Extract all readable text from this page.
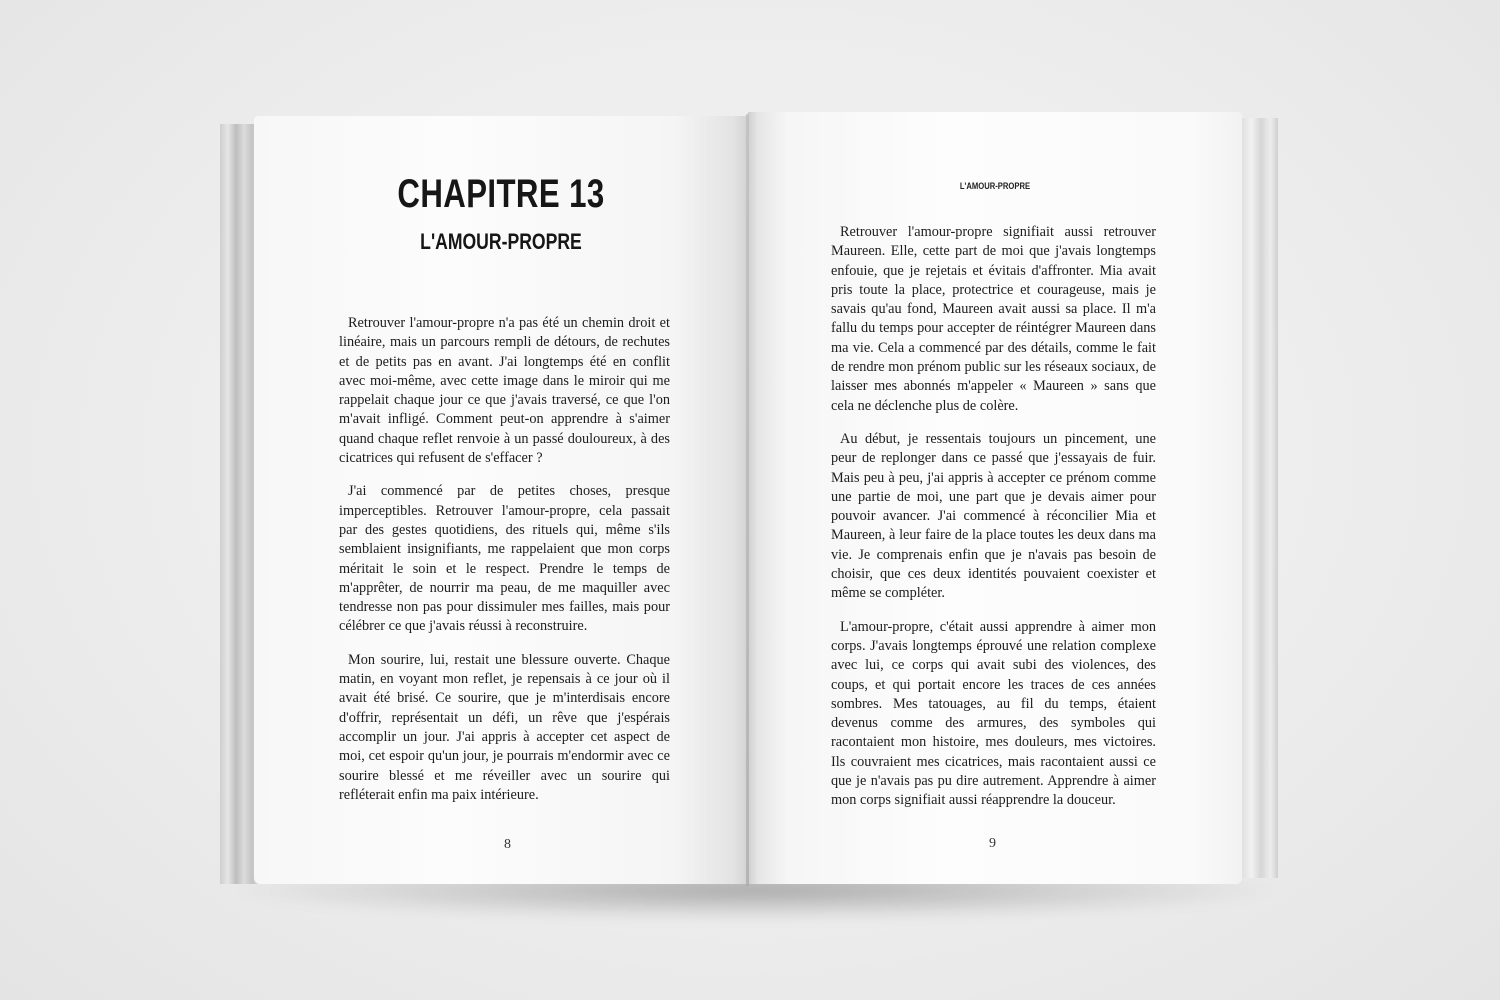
CHAPITRE 13
L'AMOUR-PROPRE

Retrouver l'amour-propre n'a pas été un chemin droit et linéaire, mais un parcours rempli de détours, de rechutes et de petits pas en avant. J'ai longtemps été en conflit avec moi-même, avec cette image dans le miroir qui me rappelait chaque jour ce que j'avais traversé, ce que l'on m'avait infligé. Comment peut-on apprendre à s'aimer quand chaque reflet renvoie à un passé douloureux, à des cicatrices qui refusent de s'effacer ?

J'ai commencé par de petites choses, presque imperceptibles. Retrouver l'amour-propre, cela passait par des gestes quotidiens, des rituels qui, même s'ils semblaient insignifiants, me rappelaient que mon corps méritait le soin et le respect. Prendre le temps de m'apprêter, de nourrir ma peau, de me maquiller avec tendresse non pas pour dissimuler mes failles, mais pour célébrer ce que j'avais réussi à reconstruire.

Mon sourire, lui, restait une blessure ouverte. Chaque matin, en voyant mon reflet, je repensais à ce jour où il avait été brisé. Ce sourire, que je m'interdisais encore d'offrir, représentait un défi, un rêve que j'espérais accomplir un jour. J'ai appris à accepter cet aspect de moi, cet espoir qu'un jour, je pourrais m'endormir avec ce sourire blessé et me réveiller avec un sourire qui refléterait enfin ma paix intérieure.

L'AMOUR-PROPRE

Retrouver l'amour-propre signifiait aussi retrouver Maureen. Elle, cette part de moi que j'avais longtemps enfouie, que je rejetais et évitais d'affronter. Mia avait pris toute la place, protectrice et courageuse, mais je savais qu'au fond, Maureen avait aussi sa place. Il m'a fallu du temps pour accepter de réintégrer Maureen dans ma vie. Cela a commencé par des détails, comme le fait de rendre mon prénom public sur les réseaux sociaux, de laisser mes abonnés m'appeler « Maureen » sans que cela ne déclenche plus de colère.

Au début, je ressentais toujours un pincement, une peur de replonger dans ce passé que j'essayais de fuir. Mais peu à peu, j'ai appris à accepter ce prénom comme une partie de moi, une part que je devais aimer pour pouvoir avancer. J'ai commencé à réconcilier Mia et Maureen, à leur faire de la place toutes les deux dans ma vie. Je comprenais enfin que je n'avais pas besoin de choisir, que ces deux identités pouvaient coexister et même se compléter.

L'amour-propre, c'était aussi apprendre à aimer mon corps. J'avais longtemps éprouvé une relation complexe avec lui, ce corps qui avait subi des violences, des coups, et qui portait encore les traces de ces années sombres. Mes tatouages, au fil du temps, étaient devenus comme des armures, des symboles qui racontaient mon histoire, mes douleurs, mes victoires. Ils couvraient mes cicatrices, mais racontaient aussi ce que je n'avais pas pu dire autrement. Apprendre à aimer mon corps signifiait aussi réapprendre la douceur.

8	9
